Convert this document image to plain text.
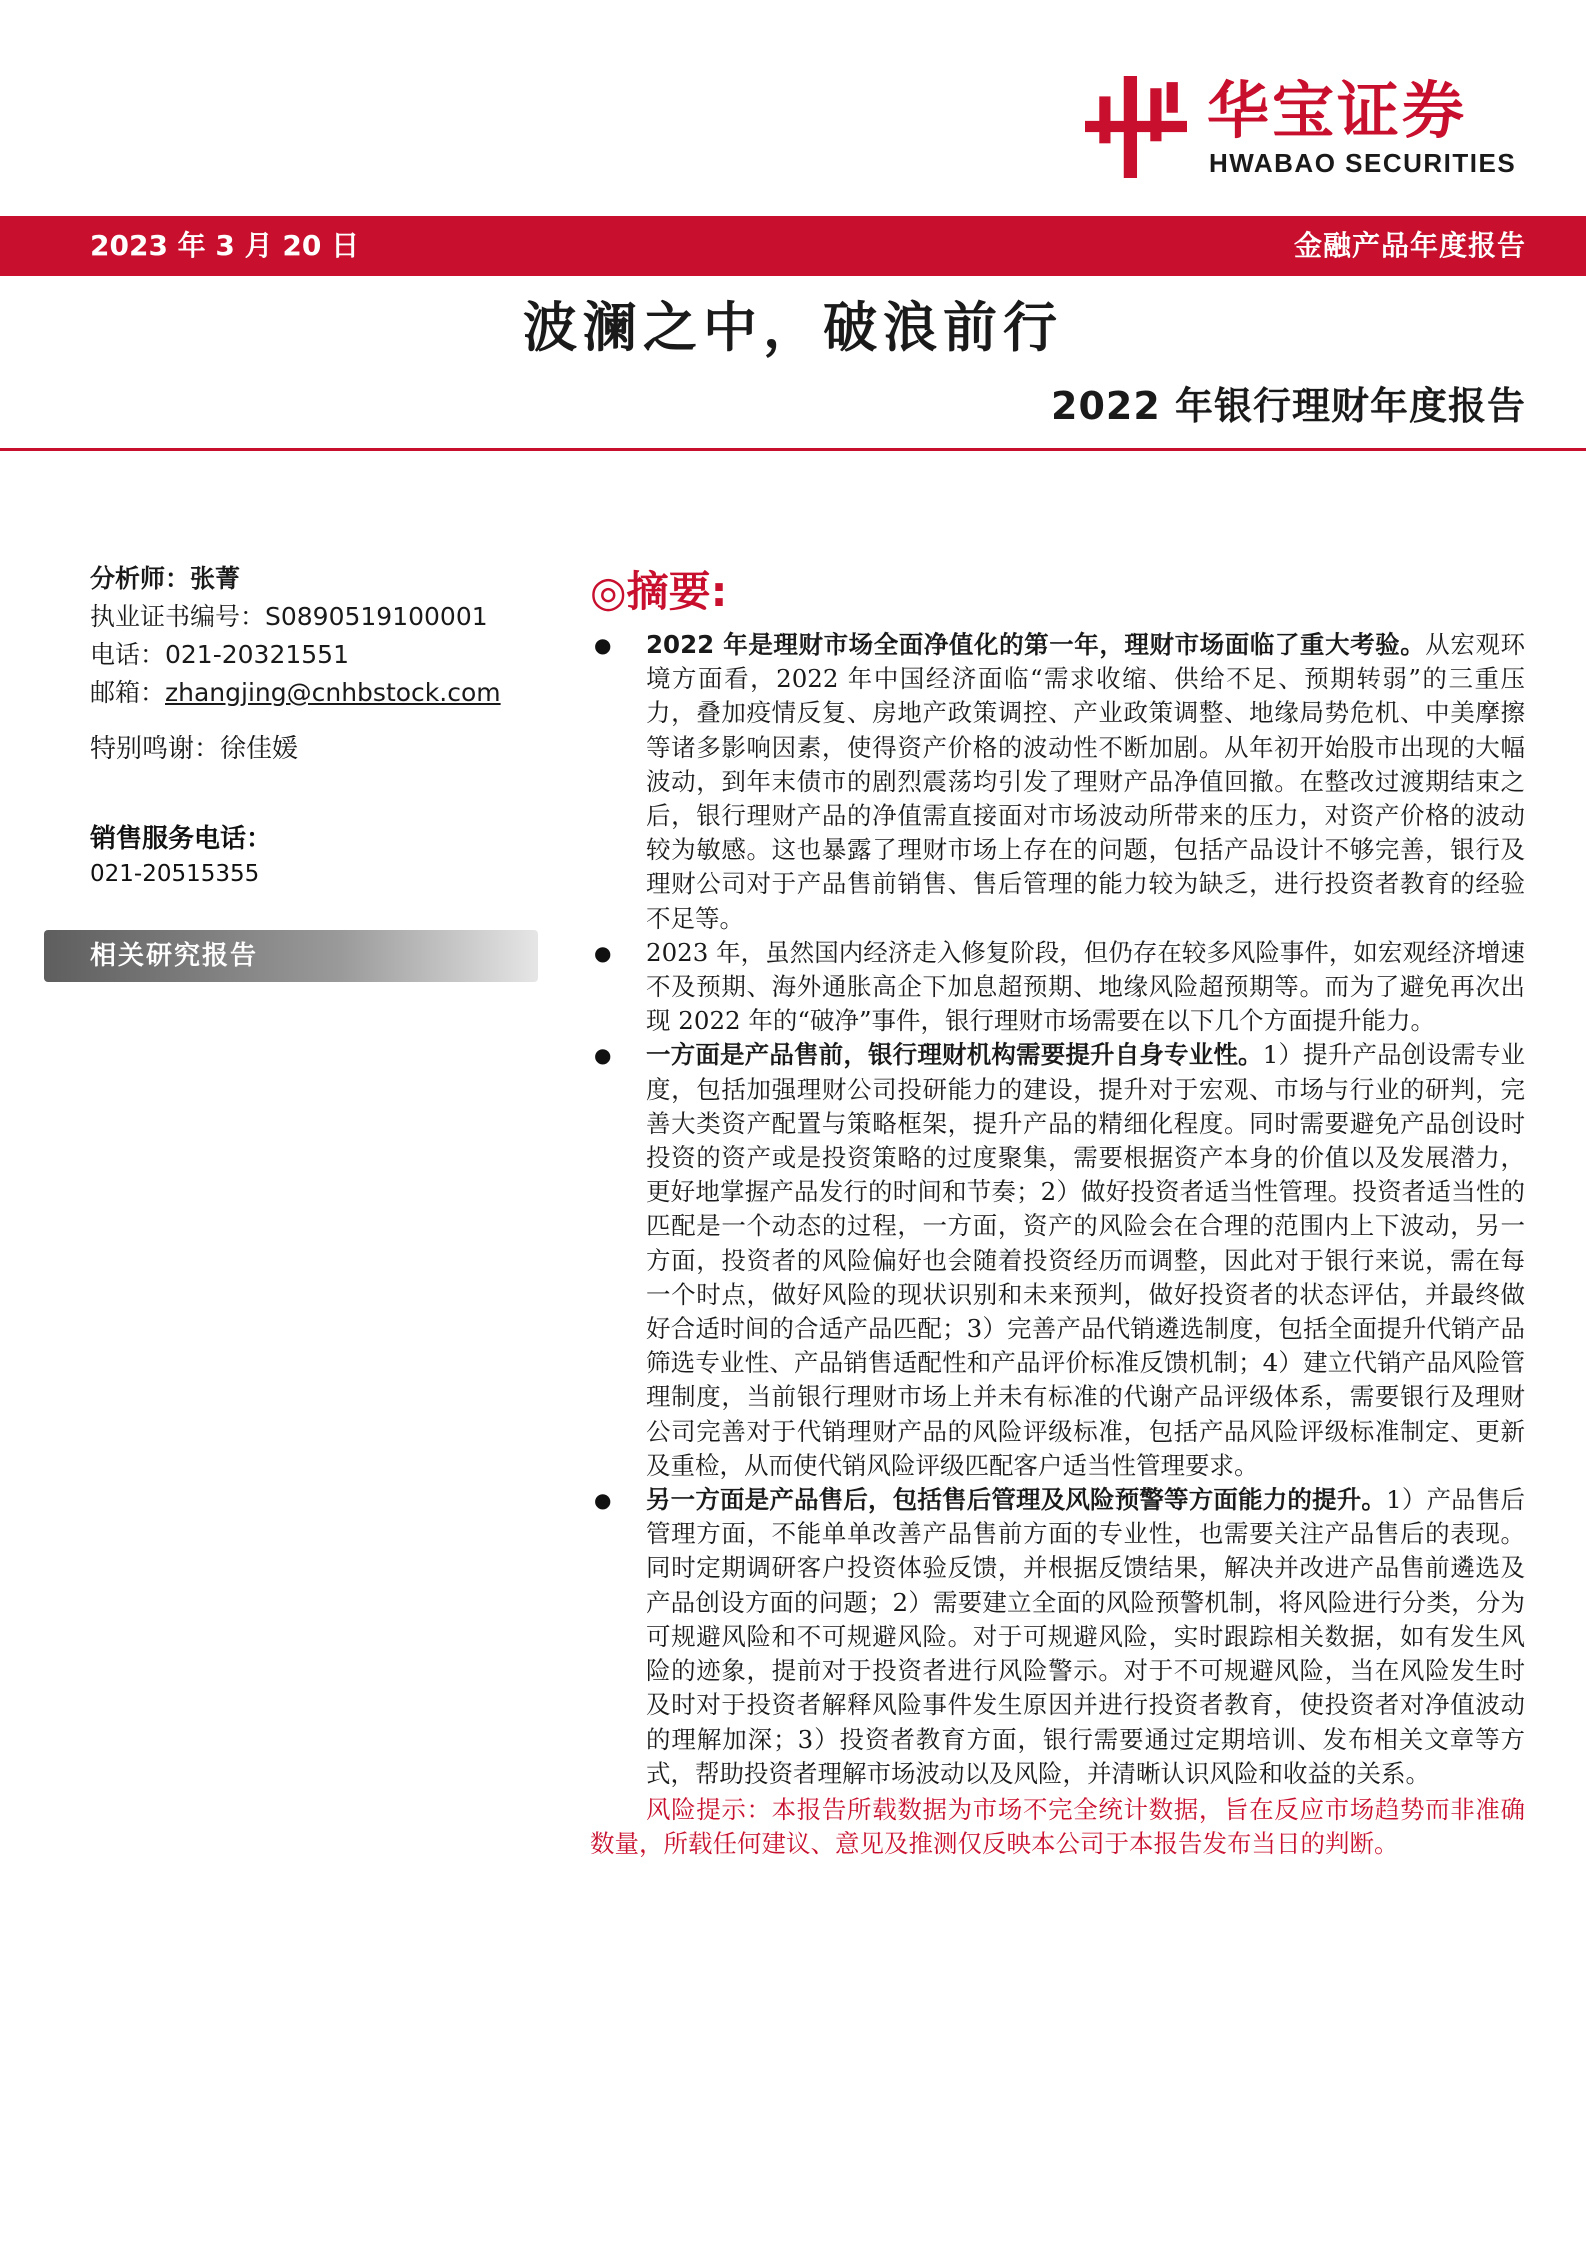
华宝证券
HWABAO SECURITIES
2023 年 3 月 20 日	金融产品年度报告
波澜之中，破浪前行
2022 年银行理财年度报告
分析师：张菁
执业证书编号：S0890519100001
电话：021-20321551
邮箱：zhangjing@cnhbstock.com
特别鸣谢：徐佳媛
销售服务电话：
021-20515355
相关研究报告
◎摘要:
● 2022 年是理财市场全面净值化的第一年，理财市场面临了重大考验。从宏观环境方面看，2022 年中国经济面临“需求收缩、供给不足、预期转弱”的三重压力，叠加疫情反复、房地产政策调控、产业政策调整、地缘局势危机、中美摩擦等诸多影响因素，使得资产价格的波动性不断加剧。从年初开始股市出现的大幅波动，到年末债市的剧烈震荡均引发了理财产品净值回撤。在整改过渡期结束之后，银行理财产品的净值需直接面对市场波动所带来的压力，对资产价格的波动较为敏感。这也暴露了理财市场上存在的问题，包括产品设计不够完善，银行及理财公司对于产品售前销售、售后管理的能力较为缺乏，进行投资者教育的经验不足等。
● 2023 年，虽然国内经济走入修复阶段，但仍存在较多风险事件，如宏观经济增速不及预期、海外通胀高企下加息超预期、地缘风险超预期等。而为了避免再次出现 2022 年的“破净”事件，银行理财市场需要在以下几个方面提升能力。
● 一方面是产品售前，银行理财机构需要提升自身专业性。1）提升产品创设需专业度，包括加强理财公司投研能力的建设，提升对于宏观、市场与行业的研判，完善大类资产配置与策略框架，提升产品的精细化程度。同时需要避免产品创设时投资的资产或是投资策略的过度聚集，需要根据资产本身的价值以及发展潜力，更好地掌握产品发行的时间和节奏；2）做好投资者适当性管理。投资者适当性的匹配是一个动态的过程，一方面，资产的风险会在合理的范围内上下波动，另一方面，投资者的风险偏好也会随着投资经历而调整，因此对于银行来说，需在每一个时点，做好风险的现状识别和未来预判，做好投资者的状态评估，并最终做好合适时间的合适产品匹配；3）完善产品代销遴选制度，包括全面提升代销产品筛选专业性、产品销售适配性和产品评价标准反馈机制；4）建立代销产品风险管理制度，当前银行理财市场上并未有标准的代谢产品评级体系，需要银行及理财公司完善对于代销理财产品的风险评级标准，包括产品风险评级标准制定、更新及重检，从而使代销风险评级匹配客户适当性管理要求。
● 另一方面是产品售后，包括售后管理及风险预警等方面能力的提升。1）产品售后管理方面，不能单单改善产品售前方面的专业性，也需要关注产品售后的表现。同时定期调研客户投资体验反馈，并根据反馈结果，解决并改进产品售前遴选及产品创设方面的问题；2）需要建立全面的风险预警机制，将风险进行分类，分为可规避风险和不可规避风险。对于可规避风险，实时跟踪相关数据，如有发生风险的迹象，提前对于投资者进行风险警示。对于不可规避风险，当在风险发生时及时对于投资者解释风险事件发生原因并进行投资者教育，使投资者对净值波动的理解加深；3）投资者教育方面，银行需要通过定期培训、发布相关文章等方式，帮助投资者理解市场波动以及风险，并清晰认识风险和收益的关系。
风险提示：本报告所载数据为市场不完全统计数据，旨在反应市场趋势而非准确数量，所载任何建议、意见及推测仅反映本公司于本报告发布当日的判断。
